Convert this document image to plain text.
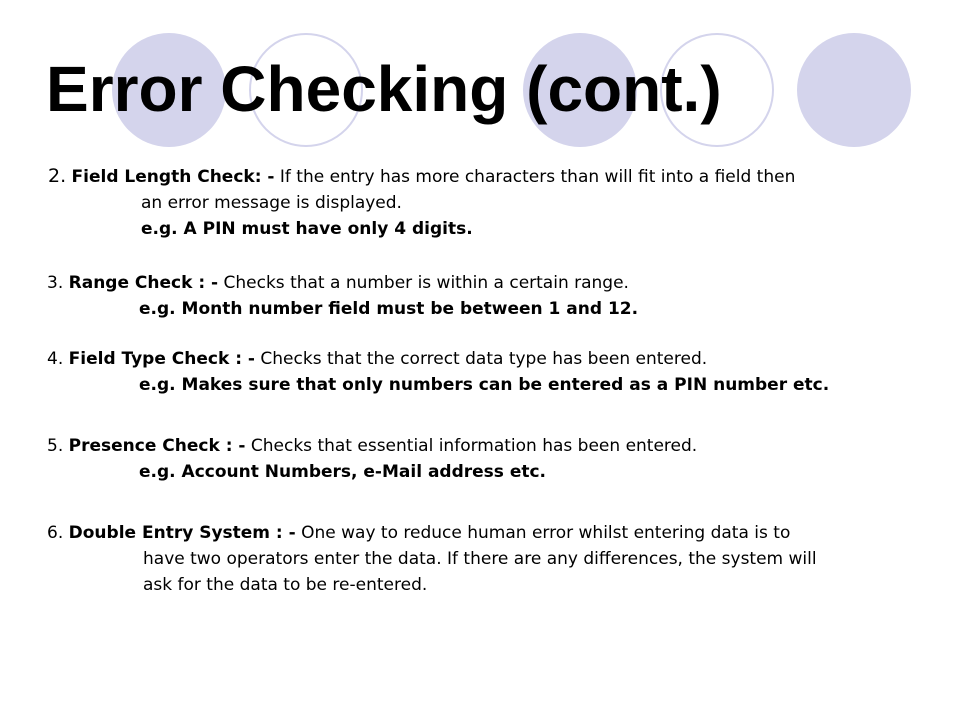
Error Checking (cont.)
2. Field Length Check: - If the entry has more characters than will fit into a field then
an error message is displayed.
e.g. A PIN must have only 4 digits.
3. Range Check : - Checks that a number is within a certain range.
e.g. Month number field must be between 1 and 12.
4. Field Type Check : - Checks that the correct data type has been entered.
e.g. Makes sure that only numbers can be entered as a PIN number etc.
5. Presence Check : - Checks that essential information has been entered.
e.g. Account Numbers, e-Mail address etc.
6. Double Entry System : - One way to reduce human error whilst entering data is to
have two operators enter the data. If there are any differences, the system will
ask for the data to be re-entered.
